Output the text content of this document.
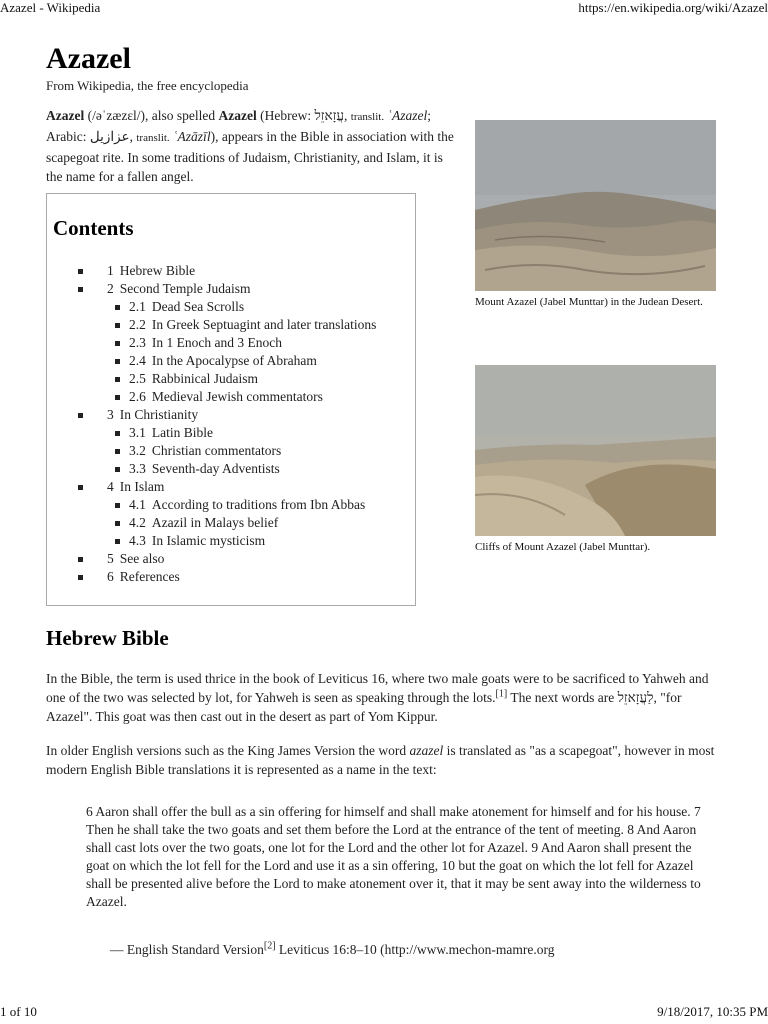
Azazel - Wikipedia	https://en.wikipedia.org/wiki/Azazel
1 of 10	9/18/2017, 10:35 PM
Azazel
From Wikipedia, the free encyclopedia

Azazel (/əˈzæzɛl/), also spelled Azazel (Hebrew: עֲזָאזֵל, translit. ʿAzazel; Arabic: عزازيل, translit. ʿAzāzīl), appears in the Bible in association with the scapegoat rite. In some traditions of Judaism, Christianity, and Islam, it is the name for a fallen angel.

Mount Azazel (Jabel Munttar) in the Judean Desert.
Cliffs of Mount Azazel (Jabel Munttar).
Contents
1 Hebrew Bible
2 Second Temple Judaism
2.1 Dead Sea Scrolls
2.2 In Greek Septuagint and later translations
2.3 In 1 Enoch and 3 Enoch
2.4 In the Apocalypse of Abraham
2.5 Rabbinical Judaism
2.6 Medieval Jewish commentators
3 In Christianity
3.1 Latin Bible
3.2 Christian commentators
3.3 Seventh-day Adventists
4 In Islam
4.1 According to traditions from Ibn Abbas
4.2 Azazil in Malays belief
4.3 In Islamic mysticism
5 See also
6 References
Hebrew Bible

In the Bible, the term is used thrice in the book of Leviticus 16, where two male goats were to be sacrificed to Yahweh and one of the two was selected by lot, for Yahweh is seen as speaking through the lots.[1] The next words are לַעֲזָאזֵל, "for Azazel". This goat was then cast out in the desert as part of Yom Kippur.

In older English versions such as the King James Version the word azazel is translated as "as a scapegoat", however in most modern English Bible translations it is represented as a name in the text:

6 Aaron shall offer the bull as a sin offering for himself and shall make atonement for himself and for his house. 7 Then he shall take the two goats and set them before the Lord at the entrance of the tent of meeting. 8 And Aaron shall cast lots over the two goats, one lot for the Lord and the other lot for Azazel. 9 And Aaron shall present the goat on which the lot fell for the Lord and use it as a sin offering, 10 but the goat on which the lot fell for Azazel shall be presented alive before the Lord to make atonement over it, that it may be sent away into the wilderness to Azazel.

— English Standard Version[2] Leviticus 16:8–10 (http://www.mechon-mamre.org
